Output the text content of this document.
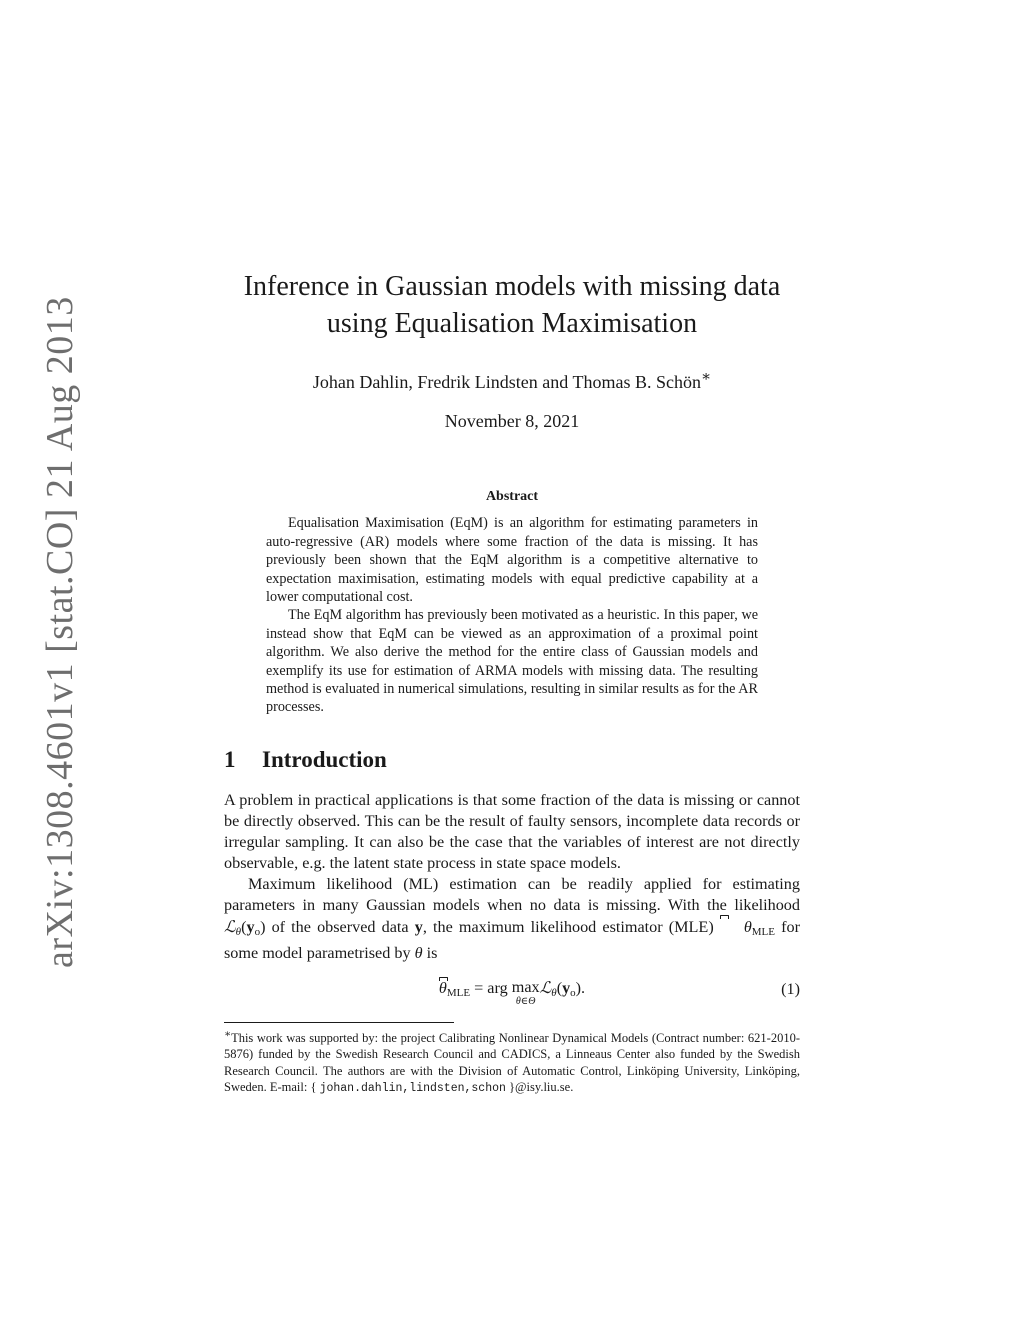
arXiv:1308.4601v1 [stat.CO] 21 Aug 2013
Inference in Gaussian models with missing data
using Equalisation Maximisation
Johan Dahlin, Fredrik Lindsten and Thomas B. Schön∗
November 8, 2021
Abstract

Equalisation Maximisation (EqM) is an algorithm for estimating parameters in auto-regressive (AR) models where some fraction of the data is missing. It has previously been shown that the EqM algorithm is a competitive alternative to expectation maximisation, estimating models with equal predictive capability at a lower computational cost.

The EqM algorithm has previously been motivated as a heuristic. In this paper, we instead show that EqM can be viewed as an approximation of a proximal point algorithm. We also derive the method for the entire class of Gaussian models and exemplify its use for estimation of ARMA models with missing data. The resulting method is evaluated in numerical simulations, resulting in similar results as for the AR processes.

1 Introduction

A problem in practical applications is that some fraction of the data is missing or cannot be directly observed. This can be the result of faulty sensors, incomplete data records or irregular sampling. It can also be the case that the variables of interest are not directly observable, e.g. the latent state process in state space models.

Maximum likelihood (ML) estimation can be readily applied for estimating parameters in many Gaussian models when no data is missing. With the likelihood $ℒ_\theta(y_o)$ of the observed data y, the maximum likelihood estimator (MLE) $\theta_{MLE}$ for some model parametrised by θ is

$\theta_{MLE}$ = arg max
θ∈Θ
$ℒ_\theta(y_o)$.	(1)
∗This work was supported by: the project Calibrating Nonlinear Dynamical Models (Contract number: 621-2010-5876) funded by the Swedish Research Council and CADICS, a Linneaus Center also funded by the Swedish Research Council. The authors are with the Division of Automatic Control, Linköping University, Linköping, Sweden. E-mail: { johan.dahlin,lindsten,schon }@isy.liu.se.
